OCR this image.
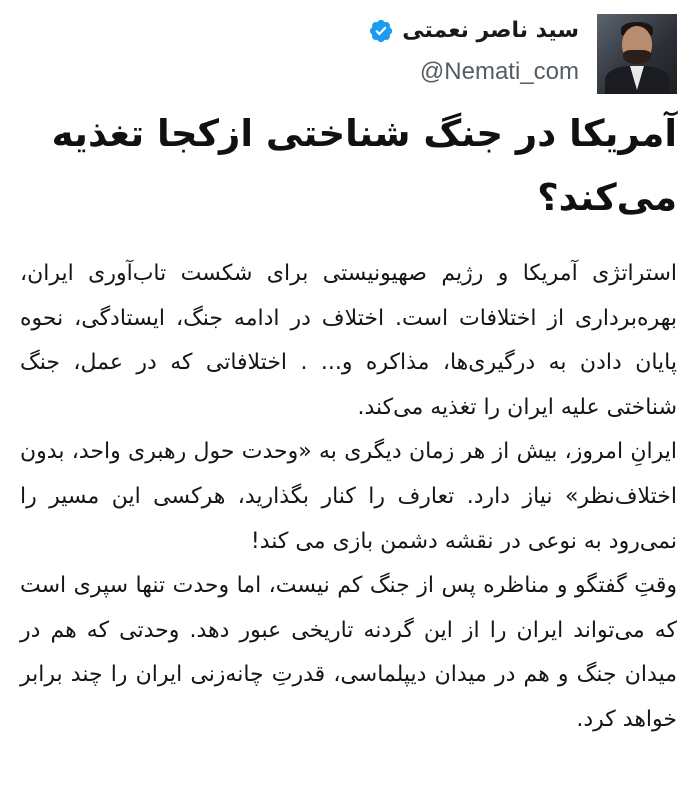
سید ناصر نعمتی
@Nemati_com
آمریکا در جنگ شناختی ازکجا تغذیه می‌کند؟

استراتژی آمریکا و رژیم صهیونیستی برای شکست تاب‌آوری ایران، بهره‌برداری از اختلافات است. اختلاف در ادامه جنگ، ایستادگی، نحوه پایان دادن به درگیری‌ها، مذاکره و... . اختلافاتی که در عمل، جنگ شناختی علیه ایران را تغذیه می‌کند.

ایرانِ امروز، بیش از هر زمان دیگری به «وحدت حول رهبری واحد، بدون اختلاف‌نظر» نیاز دارد. تعارف را کنار بگذارید، هرکسی این مسیر را نمی‌رود به نوعی در نقشه دشمن بازی می کند!

وقتِ گفتگو و مناظره پس از جنگ کم نیست، اما وحدت تنها سپری است که می‌تواند ایران را از این گردنه تاریخی عبور دهد. وحدتی که هم در میدان جنگ و هم در میدان دیپلماسی، قدرتِ چانه‌زنی ایران را چند برابر خواهد کرد.
